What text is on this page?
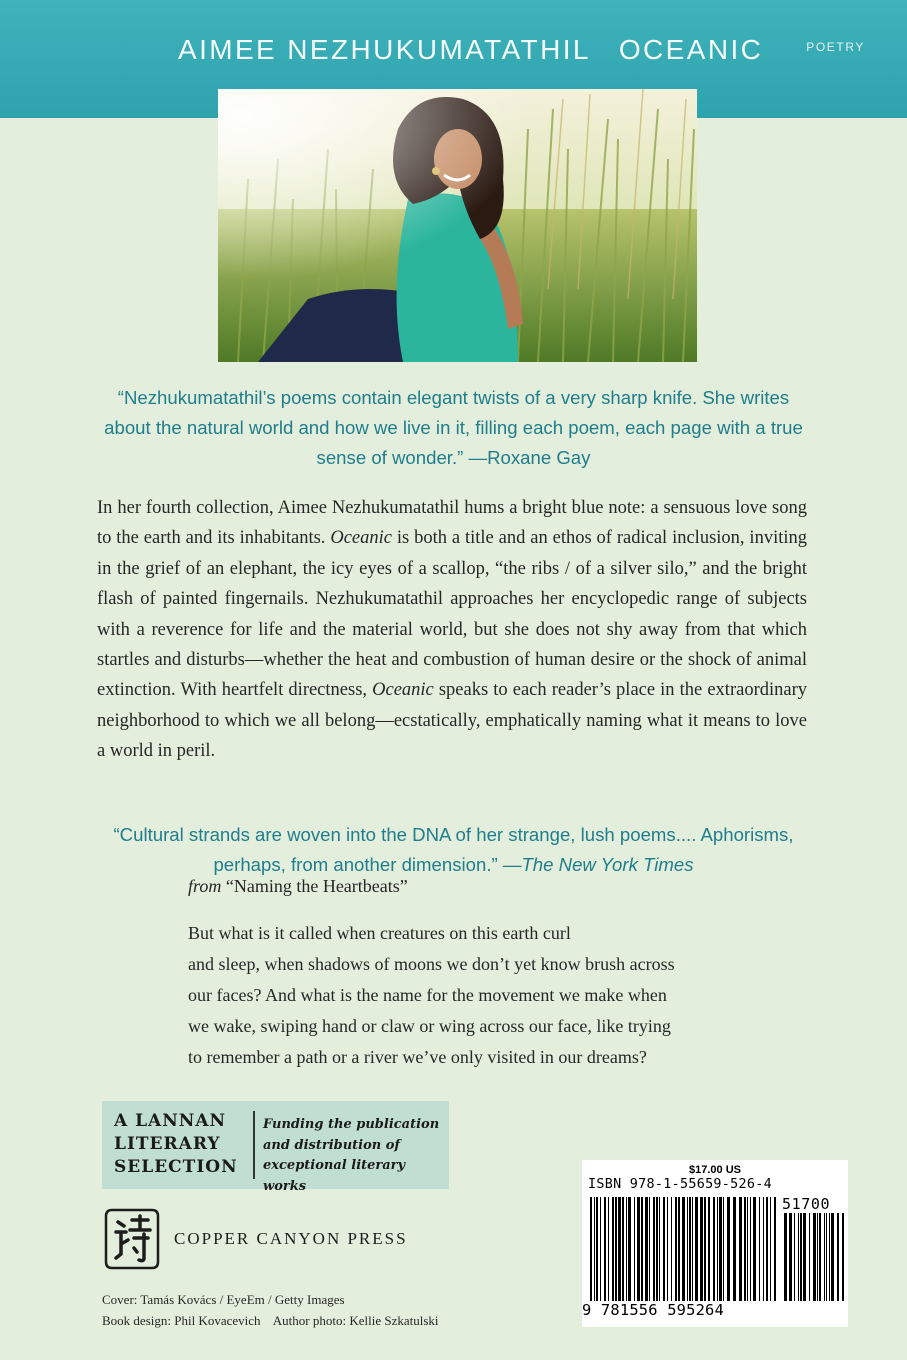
AIMEE NEZHUKUMATATHIL OCEANIC	POETRY
“Nezhukumatathil’s poems contain elegant twists of a very sharp knife. She writes about the natural world and how we live in it, filling each poem, each page with a true sense of wonder.” —Roxane Gay
In her fourth collection, Aimee Nezhukumatathil hums a bright blue note: a sensuous love song to the earth and its inhabitants. Oceanic is both a title and an ethos of radical inclusion, inviting in the grief of an elephant, the icy eyes of a scallop, “the ribs / of a silver silo,” and the bright flash of painted fingernails. Nezhukumatathil approaches her encyclopedic range of subjects with a reverence for life and the material world, but she does not shy away from that which startles and disturbs—whether the heat and combustion of human desire or the shock of animal extinction. With heartfelt directness, Oceanic speaks to each reader’s place in the extraordinary neighborhood to which we all belong—ecstatically, emphatically naming what it means to love a world in peril.
“Cultural strands are woven into the DNA of her strange, lush poems.... Aphorisms, perhaps, from another dimension.” —The New York Times
from “Naming the Heartbeats”
But what is it called when creatures on this earth curl
and sleep, when shadows of moons we don’t yet know brush across
our faces? And what is the name for the movement we make when
we wake, swiping hand or claw or wing across our face, like trying
to remember a path or a river we’ve only visited in our dreams?
A LANNAN
LITERARY
SELECTION
Funding the publication
and distribution of
exceptional literary works
COPPER CANYON PRESS
Cover: Tamás Kovács / EyeEm / Getty Images
Book design: Phil Kovacevich    Author photo: Kellie Szkatulski
$17.00 US
ISBN 978-1-55659-526-4
51700
9 781556 595264
